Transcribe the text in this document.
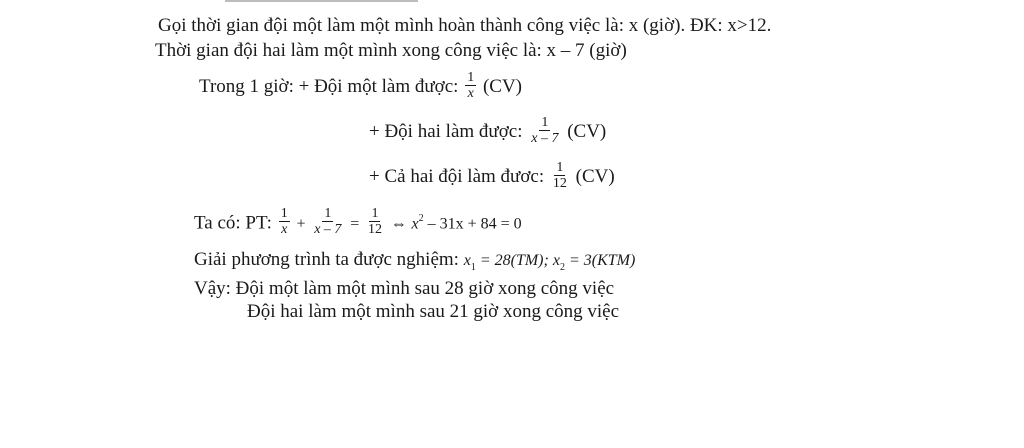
Gọi thời gian đội một làm một mình hoàn thành công việc là: x (giờ). ĐK: x>12.
Thời gian đội hai làm một mình xong công việc là: x – 7 (giờ)
Trong 1 giờ: + Đội một làm được: $\frac{1}{x} (CV)$
+ Đội hai làm được: $\frac{1}{x - 7} (CV)$
+ Cả hai đội làm đươc: $\frac{1}{12} (CV)$
Ta có: PT: $\frac{1}{x} + \frac{1}{x - 7} = \frac{1}{12}$ ⇔ $x^2 - 31x + 84 = 0$
Giải phương trình ta được nghiệm: $x_1 = 28(TM)$; $x_2 = 3(KTM)$
Vậy: Đội một làm một mình sau 28 giờ xong công việc
Đội hai làm một mình sau 21 giờ xong công việc
